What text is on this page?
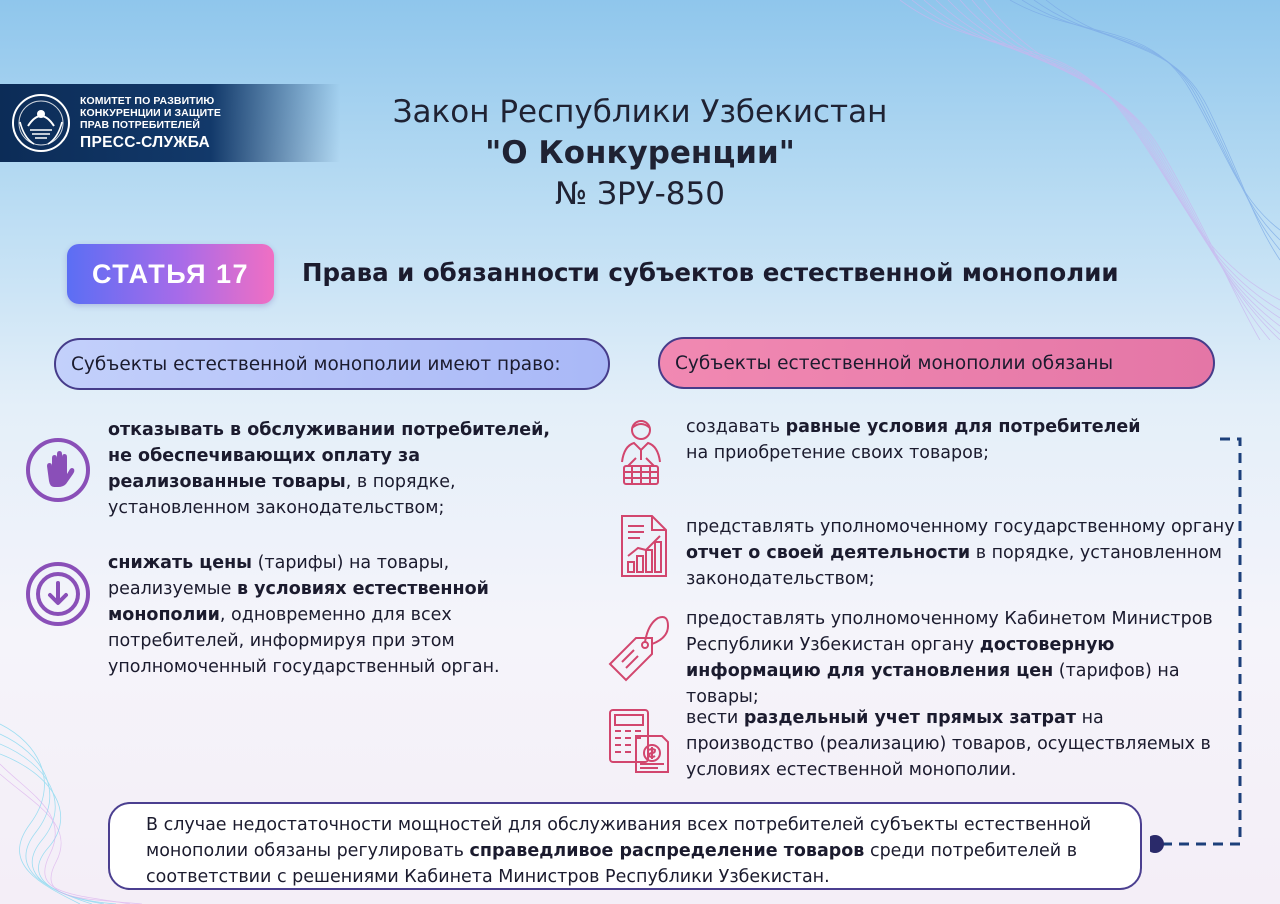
КОМИТЕТ ПО РАЗВИТИЮ
КОНКУРЕНЦИИ И ЗАЩИТЕ
ПРАВ ПОТРЕБИТЕЛЕЙ
ПРЕСС-СЛУЖБА
Закон Республики Узбекистан
"О Конкуренции"
№ ЗРУ-850
СТАТЬЯ 17	Права и обязанности субъектов естественной монополии
Субъекты естественной монополии имеют право:	Субъекты естественной монополии обязаны
отказывать в обслуживании потребителей, не обеспечивающих оплату за реализованные товары, в порядке, установленном законодательством;
снижать цены (тарифы) на товары, реализуемые в условиях естественной монополии, одновременно для всех потребителей, информируя при этом уполномоченный государственный орган.
создавать равные условия для потребителей на приобретение своих товаров;
представлять уполномоченному государственному органу отчет о своей деятельности в порядке, установленном законодательством;
предоставлять уполномоченному Кабинетом Министров Республики Узбекистан органу достоверную информацию для установления цен (тарифов) на товары;
вести раздельный учет прямых затрат на производство (реализацию) товаров, осуществляемых в условиях естественной монополии.
В случае недостаточности мощностей для обслуживания всех потребителей субъекты естественной монополии обязаны регулировать справедливое распределение товаров среди потребителей в соответствии с решениями Кабинета Министров Республики Узбекистан.
